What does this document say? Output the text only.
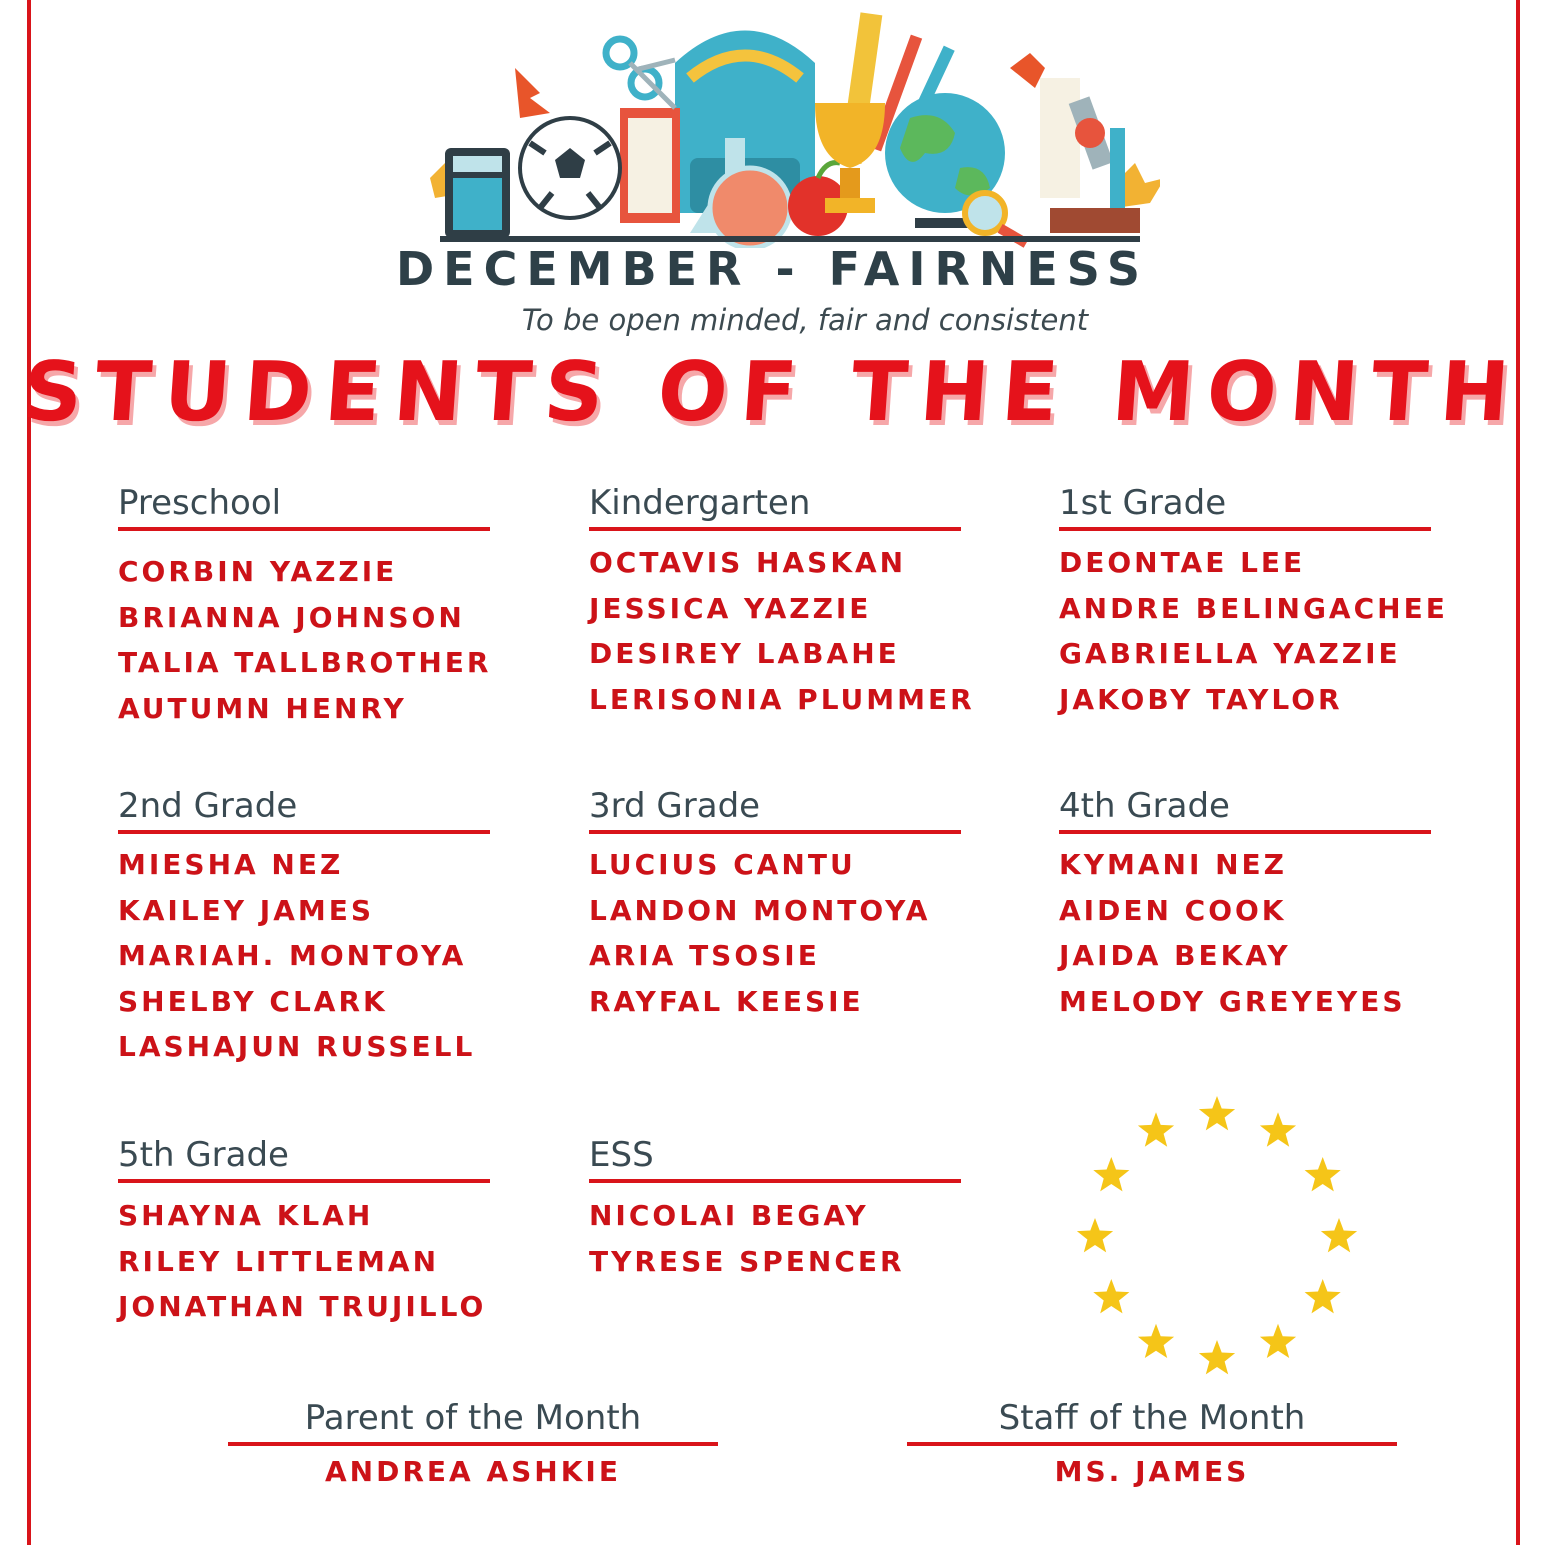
DECEMBER - FAIRNESS
To be open minded, fair and consistent
STUDENTS OF THE MONTH
Preschool
CORBIN YAZZIE
BRIANNA JOHNSON
TALIA TALLBROTHER
AUTUMN HENRY
Kindergarten
OCTAVIS HASKAN
JESSICA YAZZIE
DESIREY LABAHE
LERISONIA PLUMMER
1st Grade
DEONTAE LEE
ANDRE BELINGACHEE
GABRIELLA YAZZIE
JAKOBY TAYLOR
2nd Grade
MIESHA NEZ
KAILEY JAMES
MARIAH. MONTOYA
SHELBY CLARK
LASHAJUN RUSSELL
3rd Grade
LUCIUS CANTU
LANDON MONTOYA
ARIA TSOSIE
RAYFAL KEESIE
4th Grade
KYMANI NEZ
AIDEN COOK
JAIDA BEKAY
MELODY GREYEYES
5th Grade
SHAYNA KLAH
RILEY LITTLEMAN
JONATHAN TRUJILLO
ESS
NICOLAI BEGAY
TYRESE SPENCER
Parent of the Month
ANDREA ASHKIE
Staff of the Month
MS. JAMES
